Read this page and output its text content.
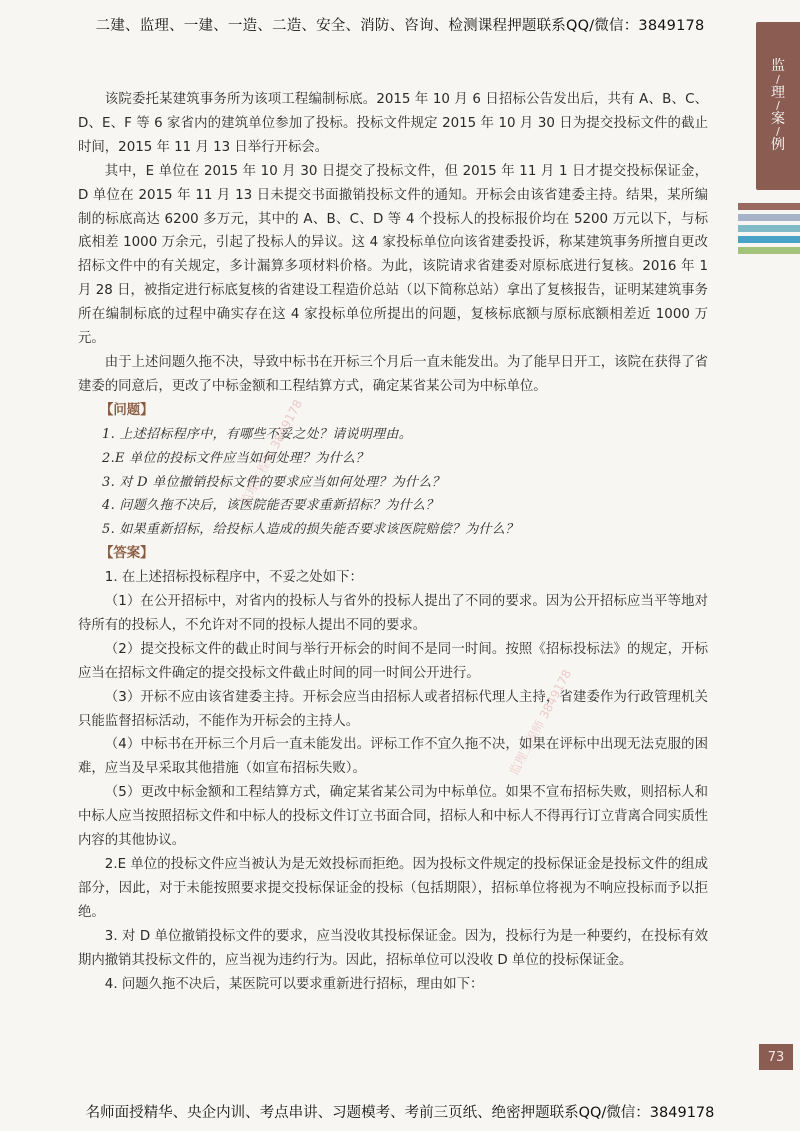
二建、监理、一建、一造、二造、安全、消防、咨询、检测课程押题联系QQ/微信：3849178
监
/
理
/
案
/
例
监理工程师 3849178
监理工程师 3849178

该院委托某建筑事务所为该项工程编制标底。2015 年 10 月 6 日招标公告发出后，共有 A、B、C、D、E、F 等 6 家省内的建筑单位参加了投标。投标文件规定 2015 年 10 月 30 日为提交投标文件的截止时间，2015 年 11 月 13 日举行开标会。

其中，E 单位在 2015 年 10 月 30 日提交了投标文件，但 2015 年 11 月 1 日才提交投标保证金，D 单位在 2015 年 11 月 13 日未提交书面撤销投标文件的通知。开标会由该省建委主持。结果，某所编制的标底高达 6200 多万元，其中的 A、B、C、D 等 4 个投标人的投标报价均在 5200 万元以下，与标底相差 1000 万余元，引起了投标人的异议。这 4 家投标单位向该省建委投诉，称某建筑事务所擅自更改招标文件中的有关规定，多计漏算多项材料价格。为此，该院请求省建委对原标底进行复核。2016 年 1 月 28 日，被指定进行标底复核的省建设工程造价总站（以下简称总站）拿出了复核报告，证明某建筑事务所在编制标底的过程中确实存在这 4 家投标单位所提出的问题，复核标底额与原标底额相差近 1000 万元。

由于上述问题久拖不决，导致中标书在开标三个月后一直未能发出。为了能早日开工，该院在获得了省建委的同意后，更改了中标金额和工程结算方式，确定某省某公司为中标单位。

【问题】

1. 上述招标程序中，有哪些不妥之处？请说明理由。

2.E 单位的投标文件应当如何处理？为什么？

3. 对 D 单位撤销投标文件的要求应当如何处理？为什么？

4. 问题久拖不决后，该医院能否要求重新招标？为什么？

5. 如果重新招标，给投标人造成的损失能否要求该医院赔偿？为什么？

【答案】

1. 在上述招标投标程序中，不妥之处如下：

（1）在公开招标中，对省内的投标人与省外的投标人提出了不同的要求。因为公开招标应当平等地对待所有的投标人，不允许对不同的投标人提出不同的要求。

（2）提交投标文件的截止时间与举行开标会的时间不是同一时间。按照《招标投标法》的规定，开标应当在招标文件确定的提交投标文件截止时间的同一时间公开进行。

（3）开标不应由该省建委主持。开标会应当由招标人或者招标代理人主持，省建委作为行政管理机关只能监督招标活动，不能作为开标会的主持人。

（4）中标书在开标三个月后一直未能发出。评标工作不宜久拖不决，如果在评标中出现无法克服的困难，应当及早采取其他措施（如宣布招标失败）。

（5）更改中标金额和工程结算方式，确定某省某公司为中标单位。如果不宣布招标失败，则招标人和中标人应当按照招标文件和中标人的投标文件订立书面合同，招标人和中标人不得再行订立背离合同实质性内容的其他协议。

2.E 单位的投标文件应当被认为是无效投标而拒绝。因为投标文件规定的投标保证金是投标文件的组成部分，因此，对于未能按照要求提交投标保证金的投标（包括期限），招标单位将视为不响应投标而予以拒绝。

3. 对 D 单位撤销投标文件的要求，应当没收其投标保证金。因为，投标行为是一种要约，在投标有效期内撤销其投标文件的，应当视为违约行为。因此，招标单位可以没收 D 单位的投标保证金。

4. 问题久拖不决后，某医院可以要求重新进行招标，理由如下：

73
名师面授精华、央企内训、考点串讲、习题模考、考前三页纸、绝密押题联系QQ/微信：3849178
